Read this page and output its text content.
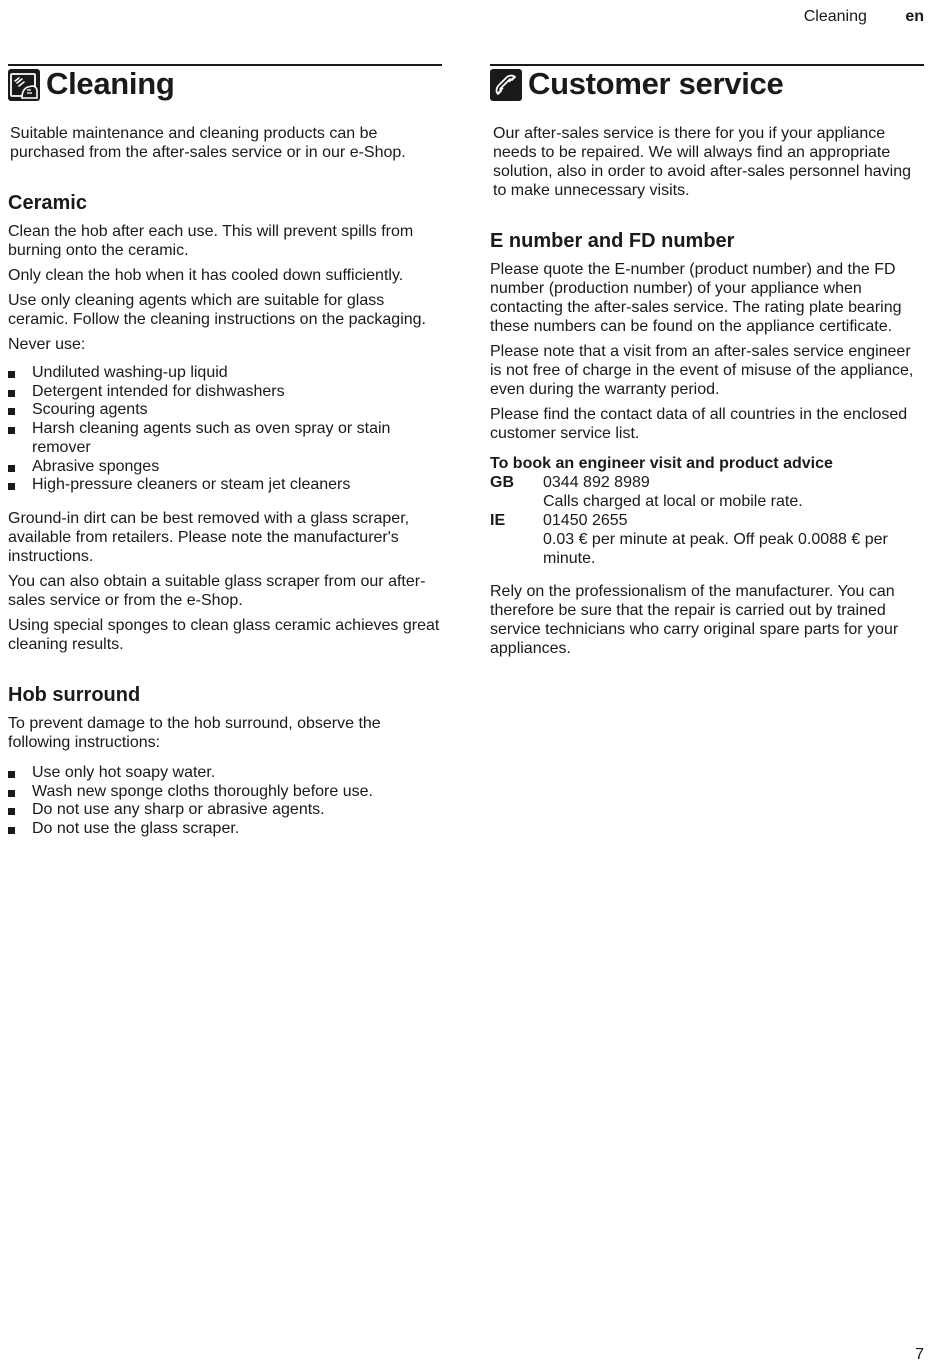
Cleaning en
Cleaning

Suitable maintenance and cleaning products can be purchased from the after-sales service or in our e-Shop.

Ceramic

Clean the hob after each use. This will prevent spills from burning onto the ceramic.

Only clean the hob when it has cooled down sufficiently.

Use only cleaning agents which are suitable for glass ceramic. Follow the cleaning instructions on the packaging.

Never use:

Undiluted washing-up liquid
Detergent intended for dishwashers
Scouring agents
Harsh cleaning agents such as oven spray or stain remover
Abrasive sponges
High-pressure cleaners or steam jet cleaners

Ground-in dirt can be best removed with a glass scraper, available from retailers. Please note the manufacturer's instructions.

You can also obtain a suitable glass scraper from our after-sales service or from the e-Shop.

Using special sponges to clean glass ceramic achieves great cleaning results.

Hob surround

To prevent damage to the hob surround, observe the following instructions:

Use only hot soapy water.
Wash new sponge cloths thoroughly before use.
Do not use any sharp or abrasive agents.
Do not use the glass scraper.
Customer service

Our after-sales service is there for you if your appliance needs to be repaired. We will always find an appropriate solution, also in order to avoid after-sales personnel having to make unnecessary visits.

E number and FD number

Please quote the E-number (product number) and the FD number (production number) of your appliance when contacting the after-sales service. The rating plate bearing these numbers can be found on the appliance certificate.

Please note that a visit from an after-sales service engineer is not free of charge in the event of misuse of the appliance, even during the warranty period.

Please find the contact data of all countries in the enclosed customer service list.

To book an engineer visit and product advice
GB	0344 892 8989
Calls charged at local or mobile rate.
IE	01450 2655
0.03 € per minute at peak. Off peak 0.0088 € per minute.

Rely on the professionalism of the manufacturer. You can therefore be sure that the repair is carried out by trained service technicians who carry original spare parts for your appliances.

7
